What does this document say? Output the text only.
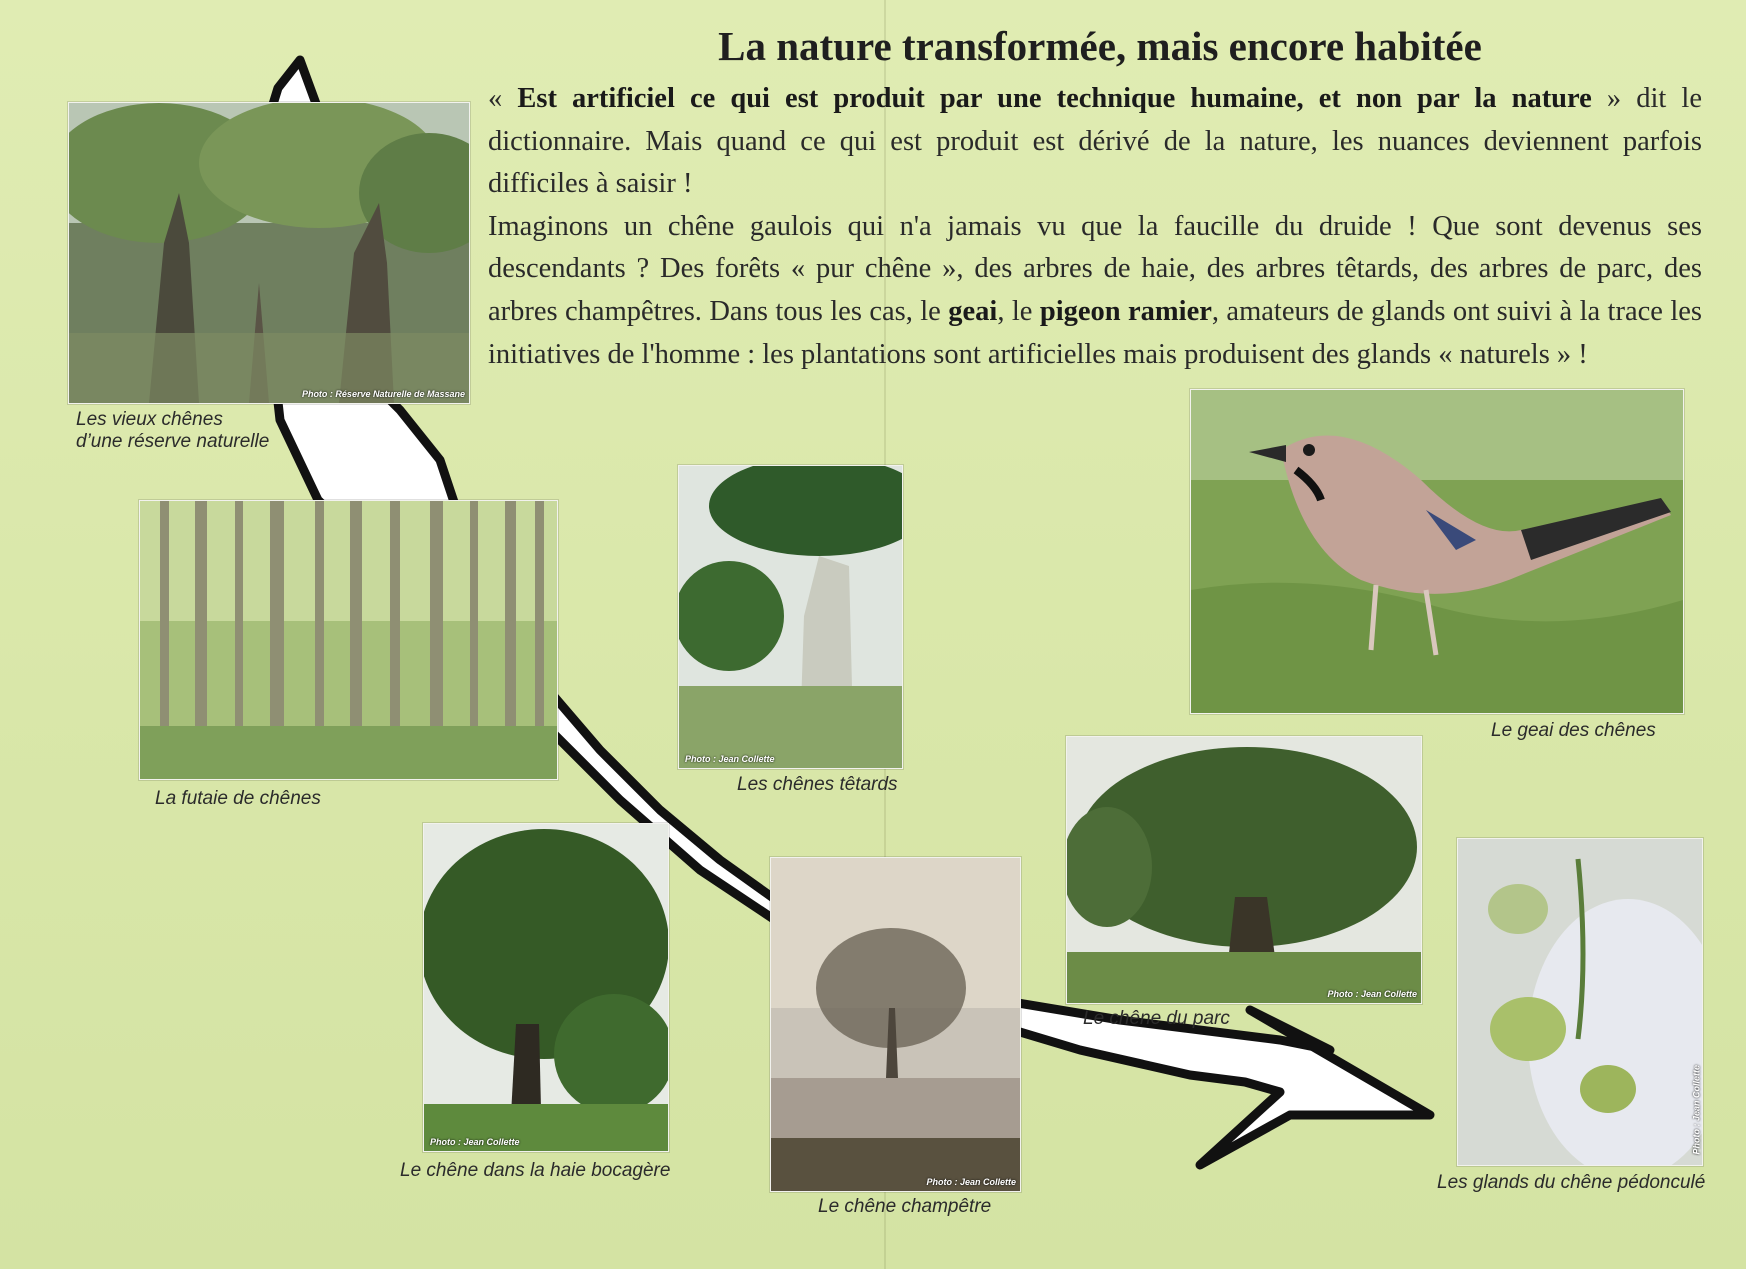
La nature transformée, mais encore habitée

« Est artificiel ce qui est produit par une technique humaine, et non par la nature » dit le dictionnaire. Mais quand ce qui est produit est dérivé de la nature, les nuances deviennent parfois difficiles à saisir !

Imaginons un chêne gaulois qui n'a jamais vu que la faucille du druide ! Que sont devenus ses descendants ? Des forêts « pur chêne », des arbres de haie, des arbres têtards, des arbres de parc, des arbres champêtres. Dans tous les cas, le geai, le pigeon ramier, amateurs de glands ont suivi à la trace les initiatives de l'homme : les plantations sont artificielles mais produisent des glands « naturels » !

Photo : Réserve Naturelle de Massane
Les vieux chênes
d’une réserve naturelle
La futaie de chênes
Photo : Jean Collette
Les chênes têtards
Le geai des chênes
Photo : Jean Collette
Le chêne du parc
Photo : Jean Collette
Le chêne dans la haie bocagère
Photo : Jean Collette
Le chêne champêtre
Photo : Jean Collette
Les glands du chêne pédonculé
